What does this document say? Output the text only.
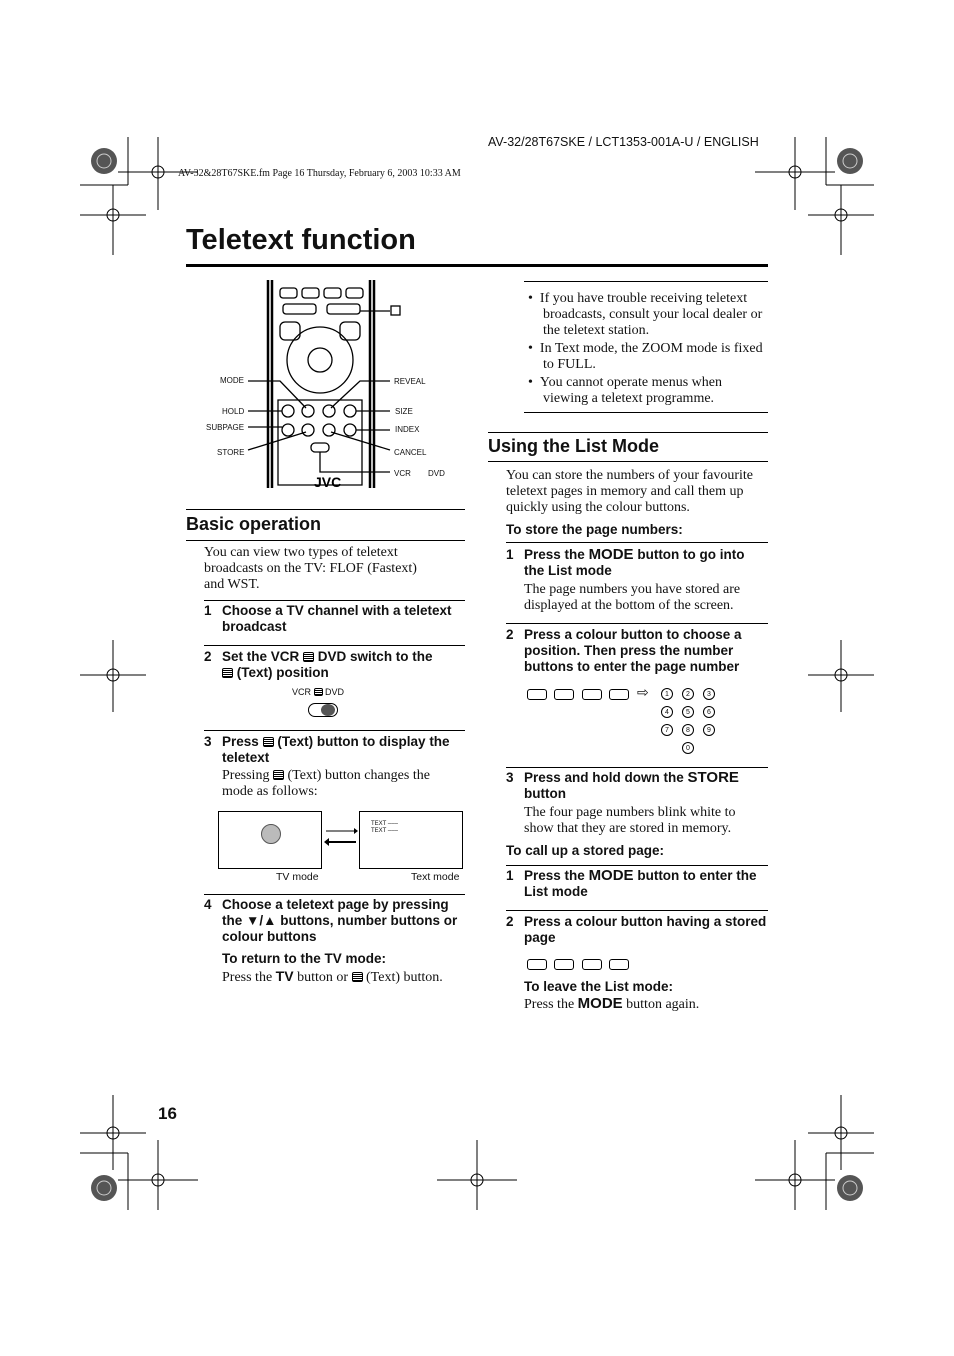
AV-32/28T67SKE / LCT1353-001A-U / ENGLISH
AV-32&28T67SKE.fm Page 16 Thursday, February 6, 2003 10:33 AM
Teletext function
JVC
MODE
HOLD
SUBPAGE
STORE
REVEAL
SIZE
INDEX
CANCEL
VCR DVD
Basic operation
You can view two types of teletext broadcasts on the TV: FLOF (Fastext) and WST.
1 Choose a TV channel with a teletext broadcast
2 Set the VCR DVD switch to the
(Text) position
VCR DVD
3 Press (Text) button to display the teletext
Pressing (Text) button changes the mode as follows:
TEXT –––
TEXT –––
TV mode	Text mode
4 Choose a teletext page by pressing the ▼/▲ buttons, number buttons or colour buttons
To return to the TV mode:
Press the TV button or (Text) button.
•  If you have trouble receiving teletext broadcasts, consult your local dealer or the teletext station.
•  In Text mode, the ZOOM mode is fixed to FULL.
•  You cannot operate menus when viewing a teletext programme.
Using the List Mode
You can store the numbers of your favourite teletext pages in memory and call them up quickly using the colour buttons.
To store the page numbers:
1 Press the MODE button to go into the List mode
The page numbers you have stored are displayed at the bottom of the screen.
2 Press a colour button to choose a position. Then press the number buttons to enter the page number
⇨	1	2	3
4	5	6
7	8	9
0
3 Press and hold down the STORE button
The four page numbers blink white to show that they are stored in memory.
To call up a stored page:
1 Press the MODE button to enter the List mode
2 Press a colour button having a stored page
To leave the List mode:
Press the MODE button again.
16
